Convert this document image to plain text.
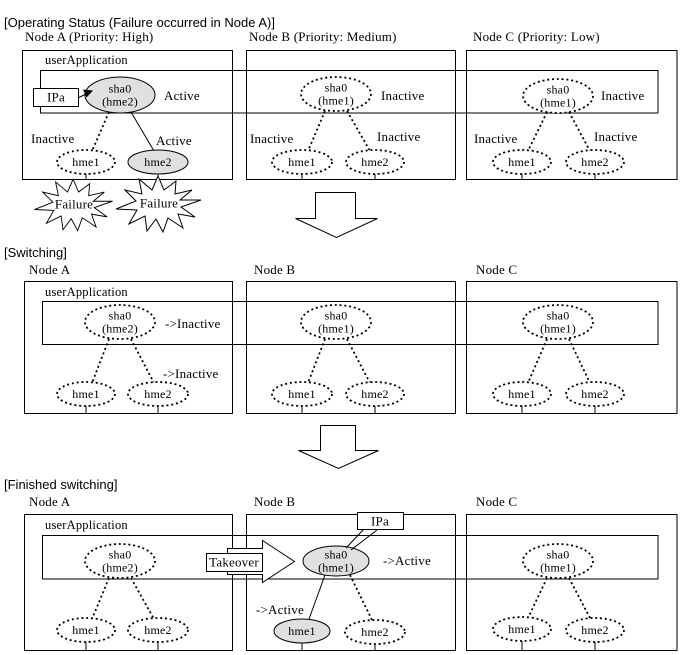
[Operating Status (Failure occurred in Node A)]
Node A (Priority: High)	Node B (Priority: Medium)	Node C (Priority: Low)
userApplication
IPa
sha0
(hme2) Active
Inactive	Active
hme1	hme2
Failure	Failure
sha0
(hme1) Inactive
Inactive	Inactive
hme1	hme2
sha0
(hme1) Inactive
Inactive	Inactive
hme1	hme2
[Switching]
Node A	Node B	Node C
userApplication
sha0
(hme2) ->Inactive
->Inactive
hme1	hme2
sha0
(hme1)
hme1	hme2
sha0
(hme1)
hme1	hme2
[Finished switching]
Node A	Node B	Node C
userApplication
sha0
(hme2)
hme1	hme2
Takeover
IPa
sha0
(hme1) ->Active
->Active
hme1	hme2
sha0
(hme1)
hme1	hme2
